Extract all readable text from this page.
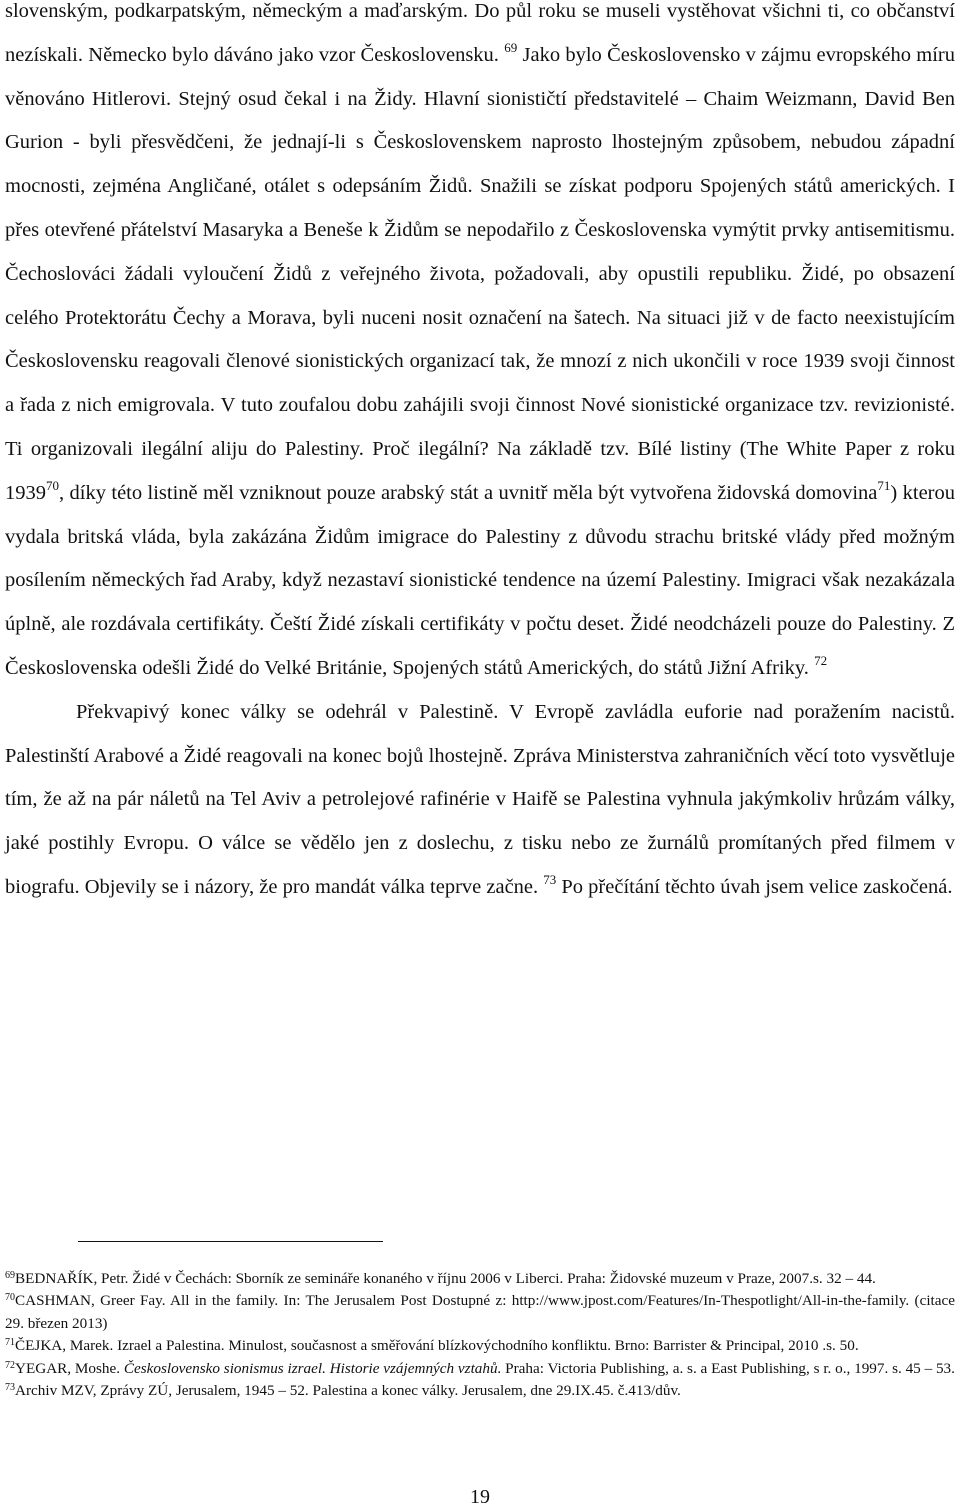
slovenským, podkarpatským, německým a maďarským. Do půl roku se museli vystěhovat všichni ti, co občanství nezískali. Německo bylo dáváno jako vzor Československu. $^{69}$ Jako bylo Československo v zájmu evropského míru věnováno Hitlerovi. Stejný osud čekal i na Židy. Hlavní sionističtí představitelé – Chaim Weizmann, David Ben Gurion - byli přesvědčeni, že jednají-li s Československem naprosto lhostejným způsobem, nebudou západní mocnosti, zejména Angličané, otálet s odepsáním Židů. Snažili se získat podporu Spojených států amerických. I přes otevřené přátelství Masaryka a Beneše k Židům se nepodařilo z Československa vymýtit prvky antisemitismu. Čechoslováci žádali vyloučení Židů z veřejného života, požadovali, aby opustili republiku. Židé, po obsazení celého Protektorátu Čechy a Morava, byli nuceni nosit označení na šatech. Na situaci již v de facto neexistujícím Československu reagovali členové sionistických organizací tak, že mnozí z nich ukončili v roce 1939 svoji činnost a řada z nich emigrovala. V tuto zoufalou dobu zahájili svoji činnost Nové sionistické organizace tzv. revizionisté. Ti organizovali ilegální aliju do Palestiny. Proč ilegální? Na základě tzv. Bílé listiny (The White Paper z roku 1939$^{70}$, díky této listině měl vzniknout pouze arabský stát a uvnitř měla být vytvořena židovská domovina$^{71}$) kterou vydala britská vláda, byla zakázána Židům imigrace do Palestiny z důvodu strachu britské vlády před možným posílením německých řad Araby, když nezastaví sionistické tendence na území Palestiny. Imigraci však nezakázala úplně, ale rozdávala certifikáty. Čeští Židé získali certifikáty v počtu deset. Židé neodcházeli pouze do Palestiny. Z Československa odešli Židé do Velké Británie, Spojených států Amerických, do států Jižní Afriky. $^{72}$

Překvapivý konec války se odehrál v Palestině. V Evropě zavládla euforie nad poražením nacistů. Palestinští Arabové a Židé reagovali na konec bojů lhostejně. Zpráva Ministerstva zahraničních věcí toto vysvětluje tím, že až na pár náletů na Tel Aviv a petrolejové rafinérie v Haifě se Palestina vyhnula jakýmkoliv hrůzám války, jaké postihly Evropu. O válce se vědělo jen z doslechu, z tisku nebo ze žurnálů promítaných před filmem v biografu. Objevily se i názory, že pro mandát válka teprve začne. $^{73}$ Po přečítání těchto úvah jsem velice zaskočená.

$^{69}$BEDNAŘÍK, Petr. Židé v Čechách: Sborník ze semináře konaného v říjnu 2006 v Liberci. Praha: Židovské muzeum v Praze, 2007.s. 32 – 44.

$^{70}$CASHMAN, Greer Fay. All in the family. In: The Jerusalem Post Dostupné z: http://www.jpost.com/Features/In-Thespotlight/All-in-the-family. (citace 29. březen 2013)

$^{71}$ČEJKA, Marek. Izrael a Palestina. Minulost, současnost a směřování blízkovýchodního konfliktu. Brno: Barrister & Principal, 2010 .s. 50.

$^{72}$YEGAR, Moshe. Československo sionismus izrael. Historie vzájemných vztahů. Praha: Victoria Publishing, a. s. a East Publishing, s r. o., 1997. s. 45 – 53.

$^{73}$Archiv MZV, Zprávy ZÚ, Jerusalem, 1945 – 52. Palestina a konec války. Jerusalem, dne 29.IX.45. č.413/dův.

19
